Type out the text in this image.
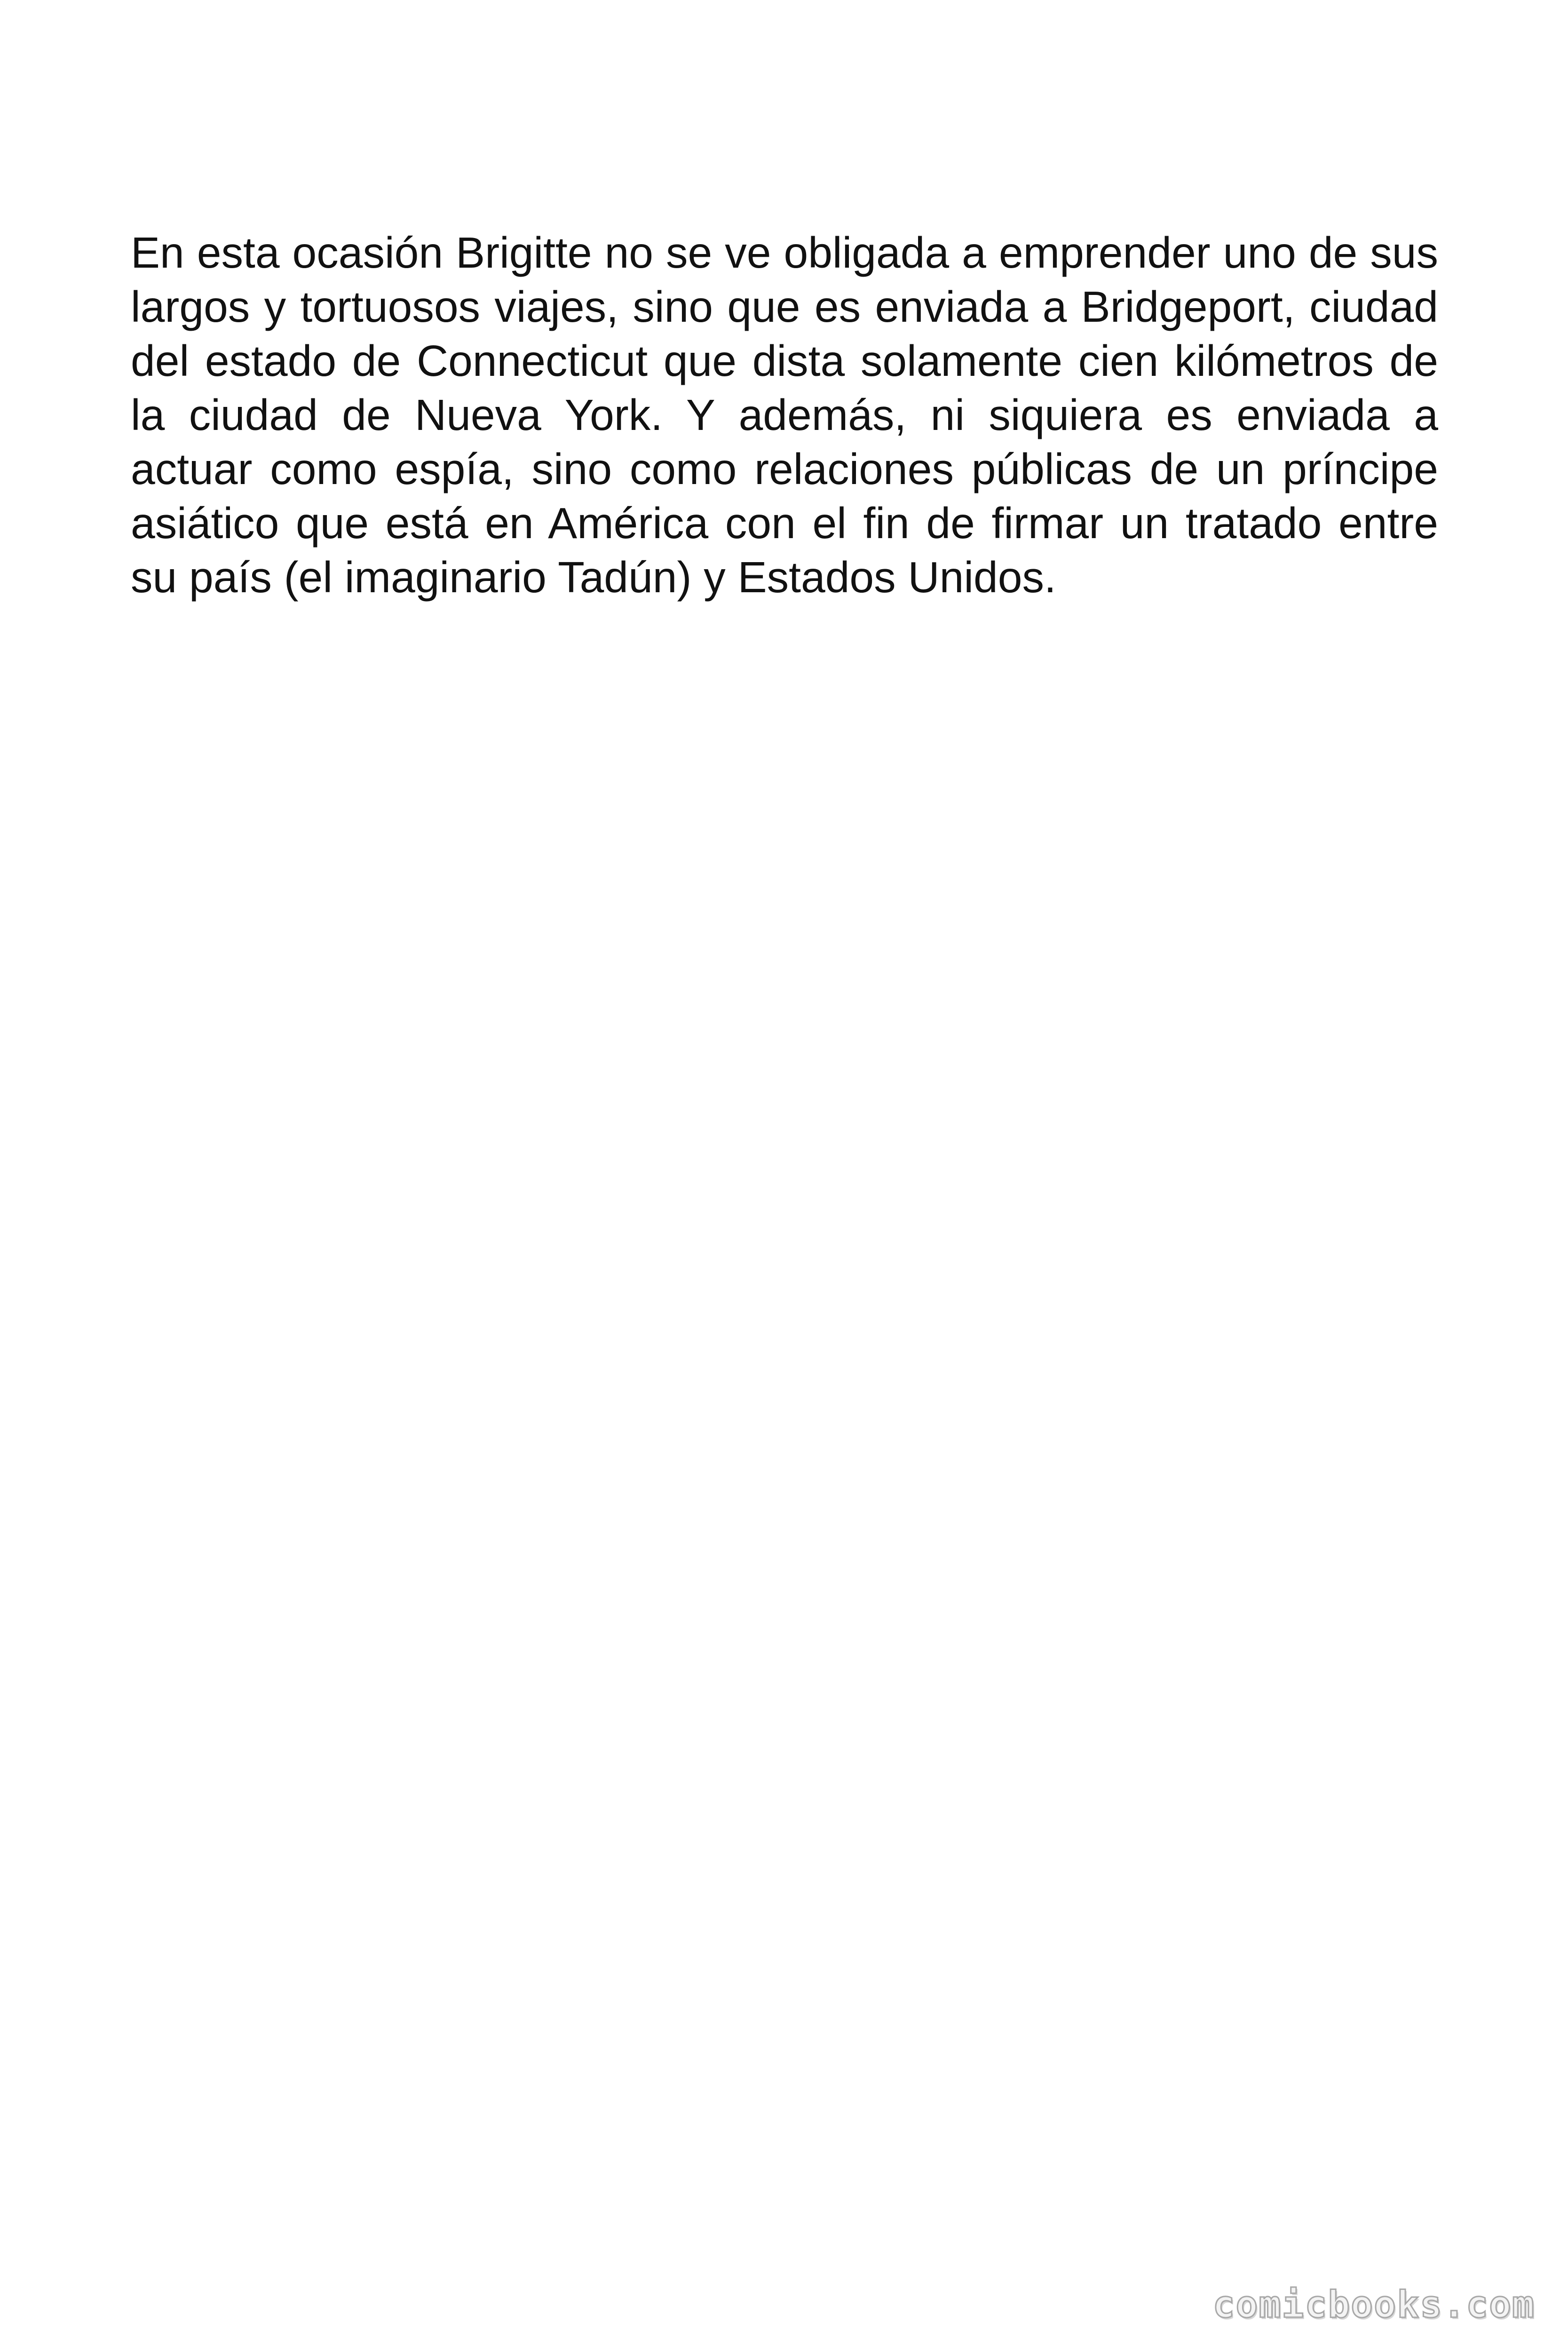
En esta ocasión Brigitte no se ve obligada a emprender uno de sus largos y tortuosos viajes, sino que es enviada a Bridgeport, ciudad del estado de Connecticut que dista solamente cien kilómetros de la ciudad de Nueva York. Y además, ni siquiera es enviada a actuar como espía, sino como relaciones públicas de un príncipe asiático que está en América con el fin de firmar un tratado entre su país (el imaginario Tadún) y Estados Unidos.

comicbooks.com
